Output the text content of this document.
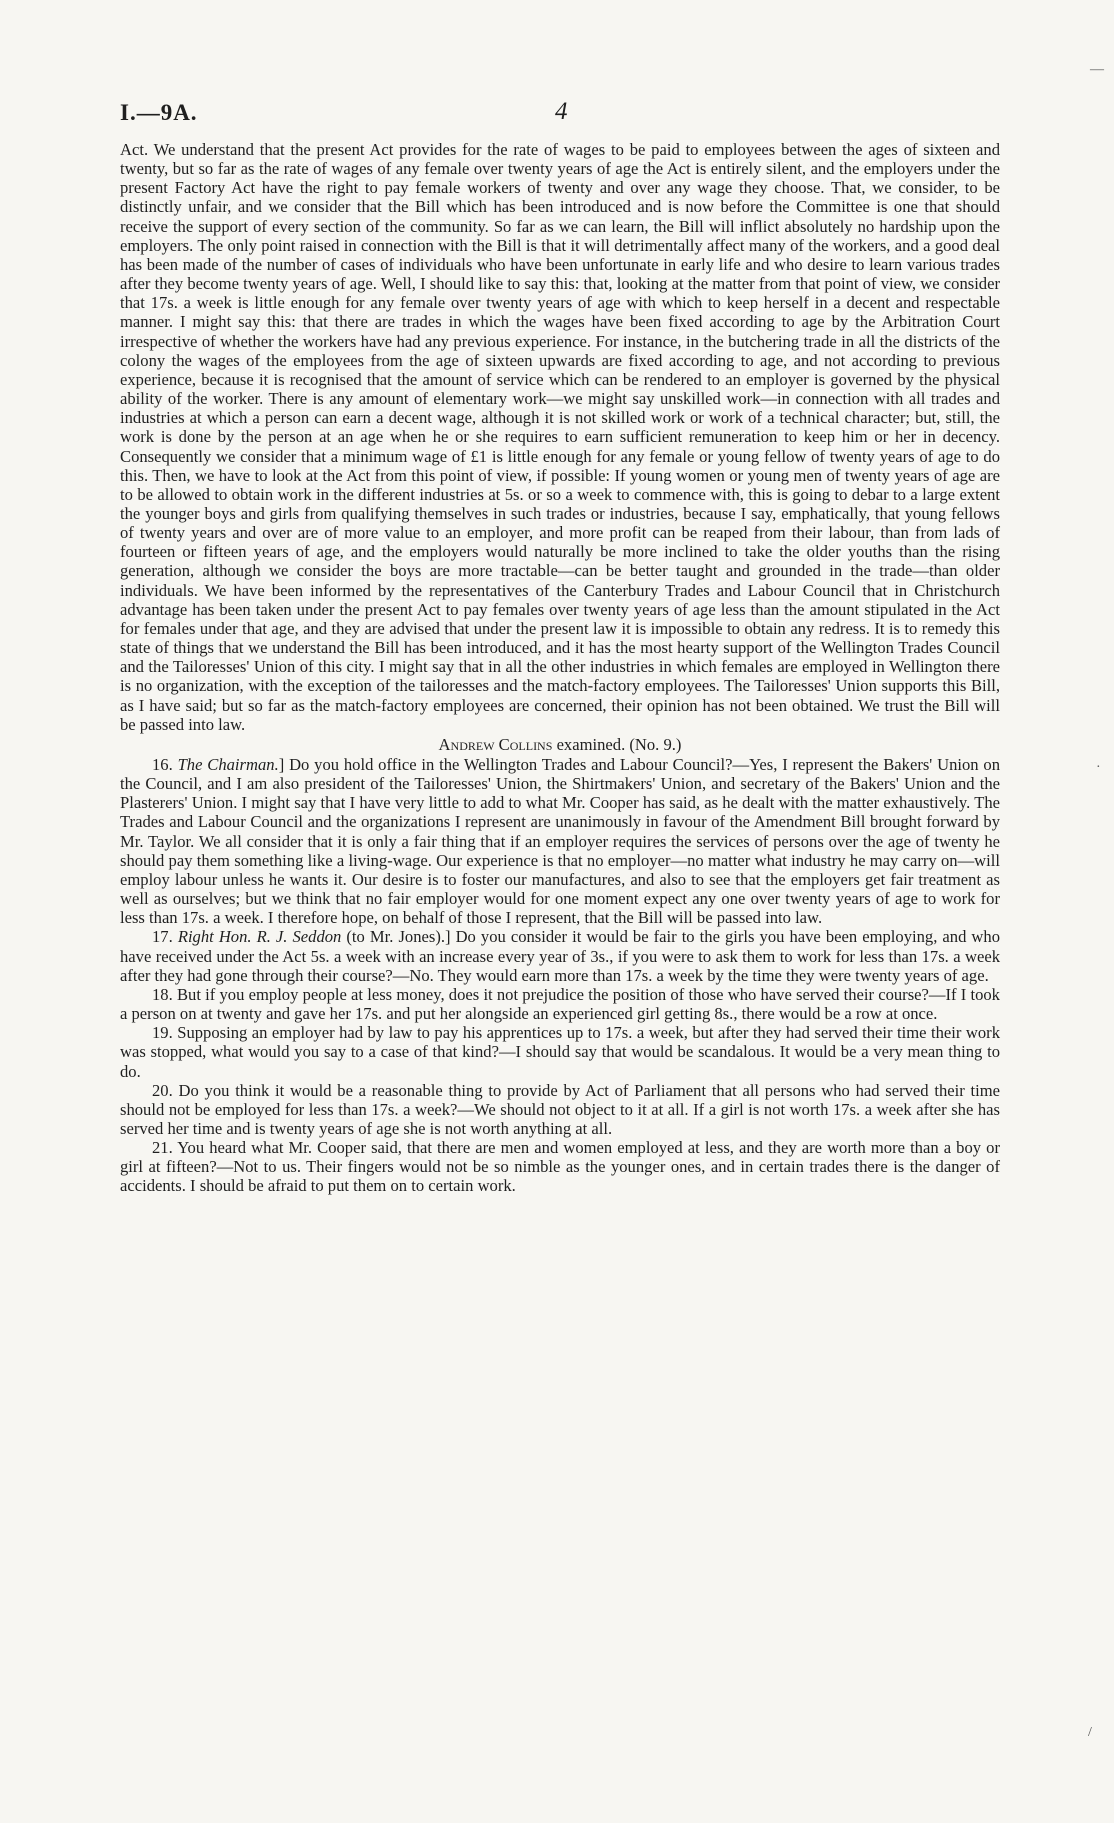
I.—9A.	4

Act. We understand that the present Act provides for the rate of wages to be paid to employees between the ages of sixteen and twenty, but so far as the rate of wages of any female over twenty years of age the Act is entirely silent, and the employers under the present Factory Act have the right to pay female workers of twenty and over any wage they choose. That, we consider, to be distinctly unfair, and we consider that the Bill which has been introduced and is now before the Committee is one that should receive the support of every section of the community. So far as we can learn, the Bill will inflict absolutely no hardship upon the employers. The only point raised in connection with the Bill is that it will detrimentally affect many of the workers, and a good deal has been made of the number of cases of individuals who have been unfortunate in early life and who desire to learn various trades after they become twenty years of age. Well, I should like to say this: that, looking at the matter from that point of view, we consider that 17s. a week is little enough for any female over twenty years of age with which to keep herself in a decent and respectable manner. I might say this: that there are trades in which the wages have been fixed according to age by the Arbitration Court irrespective of whether the workers have had any previous experience. For instance, in the butchering trade in all the districts of the colony the wages of the employees from the age of sixteen upwards are fixed according to age, and not according to previous experience, because it is recognised that the amount of service which can be rendered to an employer is governed by the physical ability of the worker. There is any amount of elementary work—we might say unskilled work—in connection with all trades and industries at which a person can earn a decent wage, although it is not skilled work or work of a technical character; but, still, the work is done by the person at an age when he or she requires to earn sufficient remuneration to keep him or her in decency. Consequently we consider that a minimum wage of £1 is little enough for any female or young fellow of twenty years of age to do this. Then, we have to look at the Act from this point of view, if possible: If young women or young men of twenty years of age are to be allowed to obtain work in the different industries at 5s. or so a week to commence with, this is going to debar to a large extent the younger boys and girls from qualifying themselves in such trades or industries, because I say, emphatically, that young fellows of twenty years and over are of more value to an employer, and more profit can be reaped from their labour, than from lads of fourteen or fifteen years of age, and the employers would naturally be more inclined to take the older youths than the rising generation, although we consider the boys are more tractable—can be better taught and grounded in the trade—than older individuals. We have been informed by the representatives of the Canterbury Trades and Labour Council that in Christchurch advantage has been taken under the present Act to pay females over twenty years of age less than the amount stipulated in the Act for females under that age, and they are advised that under the present law it is impossible to obtain any redress. It is to remedy this state of things that we understand the Bill has been introduced, and it has the most hearty support of the Wellington Trades Council and the Tailoresses' Union of this city. I might say that in all the other industries in which females are employed in Wellington there is no organization, with the exception of the tailoresses and the match-factory employees. The Tailoresses' Union supports this Bill, as I have said; but so far as the match-factory employees are concerned, their opinion has not been obtained. We trust the Bill will be passed into law.

Andrew Collins examined. (No. 9.)

16. The Chairman.] Do you hold office in the Wellington Trades and Labour Council?—Yes, I represent the Bakers' Union on the Council, and I am also president of the Tailoresses' Union, the Shirtmakers' Union, and secretary of the Bakers' Union and the Plasterers' Union. I might say that I have very little to add to what Mr. Cooper has said, as he dealt with the matter exhaustively. The Trades and Labour Council and the organizations I represent are unanimously in favour of the Amendment Bill brought forward by Mr. Taylor. We all consider that it is only a fair thing that if an employer requires the services of persons over the age of twenty he should pay them something like a living-wage. Our experience is that no employer—no matter what industry he may carry on—will employ labour unless he wants it. Our desire is to foster our manufactures, and also to see that the employers get fair treatment as well as ourselves; but we think that no fair employer would for one moment expect any one over twenty years of age to work for less than 17s. a week. I therefore hope, on behalf of those I represent, that the Bill will be passed into law.

17. Right Hon. R. J. Seddon (to Mr. Jones).] Do you consider it would be fair to the girls you have been employing, and who have received under the Act 5s. a week with an increase every year of 3s., if you were to ask them to work for less than 17s. a week after they had gone through their course?—No. They would earn more than 17s. a week by the time they were twenty years of age.

18. But if you employ people at less money, does it not prejudice the position of those who have served their course?—If I took a person on at twenty and gave her 17s. and put her alongside an experienced girl getting 8s., there would be a row at once.

19. Supposing an employer had by law to pay his apprentices up to 17s. a week, but after they had served their time their work was stopped, what would you say to a case of that kind?—I should say that would be scandalous. It would be a very mean thing to do.

20. Do you think it would be a reasonable thing to provide by Act of Parliament that all persons who had served their time should not be employed for less than 17s. a week?—We should not object to it at all. If a girl is not worth 17s. a week after she has served her time and is twenty years of age she is not worth anything at all.

21. You heard what Mr. Cooper said, that there are men and women employed at less, and they are worth more than a boy or girl at fifteen?—Not to us. Their fingers would not be so nimble as the younger ones, and in certain trades there is the danger of accidents. I should be afraid to put them on to certain work.

—
·
/
